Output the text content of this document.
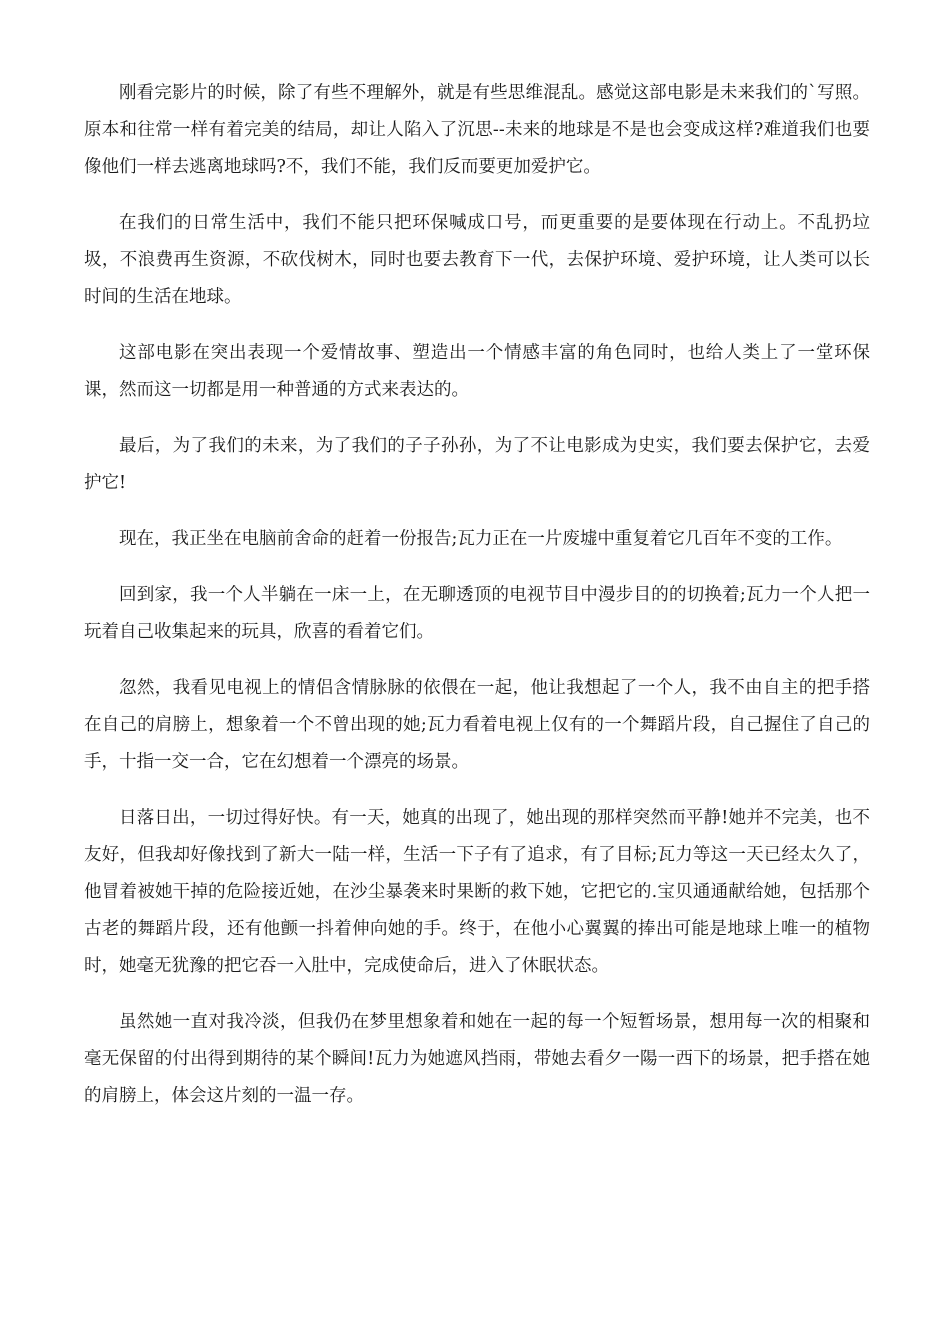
刚看完影片的时候，除了有些不理解外，就是有些思维混乱。感觉这部电影是未来我们的`写照。原本和往常一样有着完美的结局，却让人陷入了沉思--未来的地球是不是也会变成这样?难道我们也要像他们一样去逃离地球吗?不，我们不能，我们反而要更加爱护它。

在我们的日常生活中，我们不能只把环保喊成口号，而更重要的是要体现在行动上。不乱扔垃圾，不浪费再生资源，不砍伐树木，同时也要去教育下一代，去保护环境、爱护环境，让人类可以长时间的生活在地球。

这部电影在突出表现一个爱情故事、塑造出一个情感丰富的角色同时，也给人类上了一堂环保课，然而这一切都是用一种普通的方式来表达的。

最后，为了我们的未来，为了我们的子子孙孙，为了不让电影成为史实，我们要去保护它，去爱护它!

现在，我正坐在电脑前舍命的赶着一份报告;瓦力正在一片废墟中重复着它几百年不变的工作。

回到家，我一个人半躺在一床一上，在无聊透顶的电视节目中漫步目的的切换着;瓦力一个人把一玩着自己收集起来的玩具，欣喜的看着它们。

忽然，我看见电视上的情侣含情脉脉的依偎在一起，他让我想起了一个人，我不由自主的把手搭在自己的肩膀上，想象着一个不曾出现的她;瓦力看着电视上仅有的一个舞蹈片段，自己握住了自己的手，十指一交一合，它在幻想着一个漂亮的场景。

日落日出，一切过得好快。有一天，她真的出现了，她出现的那样突然而平静!她并不完美，也不友好，但我却好像找到了新大一陆一样，生活一下子有了追求，有了目标;瓦力等这一天已经太久了，他冒着被她干掉的危险接近她，在沙尘暴袭来时果断的救下她，它把它的.宝贝通通献给她，包括那个古老的舞蹈片段，还有他颤一抖着伸向她的手。终于，在他小心翼翼的捧出可能是地球上唯一的植物时，她毫无犹豫的把它吞一入肚中，完成使命后，进入了休眠状态。

虽然她一直对我冷淡，但我仍在梦里想象着和她在一起的每一个短暂场景，想用每一次的相聚和毫无保留的付出得到期待的某个瞬间!瓦力为她遮风挡雨，带她去看夕一陽一西下的场景，把手搭在她的肩膀上，体会这片刻的一温一存。
